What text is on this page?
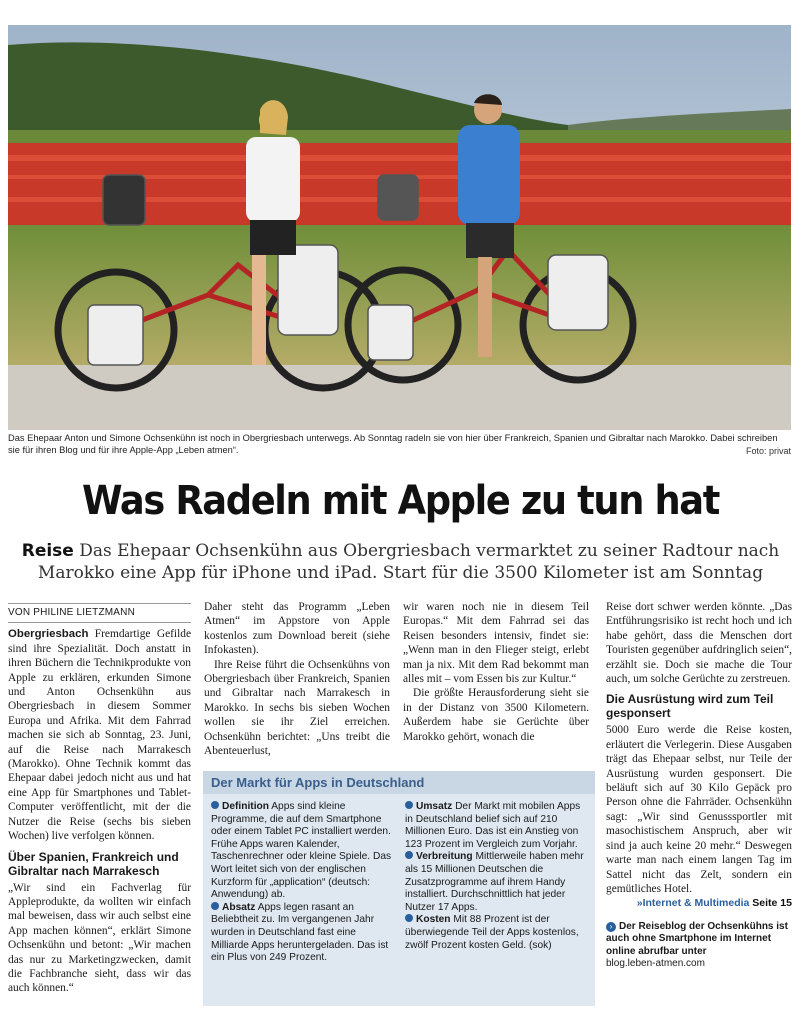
Das Ehepaar Anton und Simone Ochsenkühn ist noch in Obergriesbach unterwegs. Ab Sonntag radeln sie von hier über Frankreich, Spanien und Gibraltar nach Marokko. Dabei schreiben sie für ihren Blog und für ihre Apple-App „Leben atmen“.	Foto: privat
Was Radeln mit Apple zu tun hat
Reise Das Ehepaar Ochsenkühn aus Obergriesbach vermarktet zu seiner Radtour nach Marokko eine App für iPhone und iPad. Start für die 3500 Kilometer ist am Sonntag
VON PHILINE LIETZMANN

Obergriesbach Fremdartige Gefilde sind ihre Spezialität. Doch anstatt in ihren Büchern die Technikprodukte von Apple zu erklären, erkunden Simone und Anton Ochsenkühn aus Obergriesbach in diesem Sommer Europa und Afrika. Mit dem Fahrrad machen sie sich ab Sonntag, 23. Juni, auf die Reise nach Marrakesch (Marokko). Ohne Technik kommt das Ehepaar dabei jedoch nicht aus und hat eine App für Smartphones und Tablet-Computer veröffentlicht, mit der die Nutzer die Reise (sechs bis sieben Wochen) live verfolgen können.

Über Spanien, Frankreich und Gibraltar nach Marrakesch

„Wir sind ein Fachverlag für Appleprodukte, da wollten wir einfach mal beweisen, dass wir auch selbst eine App machen können“, erklärt Simone Ochsenkühn und betont: „Wir machen das nur zu Marketingzwecken, damit die Fachbranche sieht, dass wir das auch können.“

Daher steht das Programm „Leben Atmen“ im Appstore von Apple kostenlos zum Download bereit (siehe Infokasten).

Ihre Reise führt die Ochsenkühns von Obergriesbach über Frankreich, Spanien und Gibraltar nach Marrakesch in Marokko. In sechs bis sieben Wochen wollen sie ihr Ziel erreichen. Ochsenkühn berichtet: „Uns treibt die Abenteuerlust,

wir waren noch nie in diesem Teil Europas.“ Mit dem Fahrrad sei das Reisen besonders intensiv, findet sie: „Wenn man in den Flieger steigt, erlebt man ja nix. Mit dem Rad bekommt man alles mit – vom Essen bis zur Kultur.“

Die größte Herausforderung sieht sie in der Distanz von 3500 Kilometern. Außerdem habe sie Gerüchte über Marokko gehört, wonach die

Reise dort schwer werden könnte. „Das Entführungsrisiko ist recht hoch und ich habe gehört, dass die Menschen dort Touristen gegenüber aufdringlich seien“, erzählt sie. Doch sie mache die Tour auch, um solche Gerüchte zu zerstreuen.

Die Ausrüstung wird zum Teil gesponsert

5000 Euro werde die Reise kosten, erläutert die Verlegerin. Diese Ausgaben trägt das Ehepaar selbst, nur Teile der Ausrüstung wurden gesponsert. Die beläuft sich auf 30 Kilo Gepäck pro Person ohne die Fahrräder. Ochsenkühn sagt: „Wir sind Genusssportler mit masochistischem Anspruch, aber wir sind ja auch keine 20 mehr.“ Deswegen warte man nach einem langen Tag im Sattel nicht das Zelt, sondern ein gemütliches Hotel.

»Internet & Multimedia Seite 15
› Der Reiseblog der Ochsenkühns ist auch ohne Smartphone im Internet online abrufbar unter
blog.leben-atmen.com
Der Markt für Apps in Deutschland

Definition Apps sind kleine Programme, die auf dem Smartphone oder einem Tablet PC installiert werden. Frühe Apps waren Kalender, Taschenrechner oder kleine Spiele. Das Wort leitet sich von der englischen Kurzform für „application“ (deutsch: Anwendung) ab.

Absatz Apps legen rasant an Beliebtheit zu. Im vergangenen Jahr wurden in Deutschland fast eine Milliarde Apps heruntergeladen. Das ist ein Plus von 249 Prozent.

Umsatz Der Markt mit mobilen Apps in Deutschland belief sich auf 210 Millionen Euro. Das ist ein Anstieg von 123 Prozent im Vergleich zum Vorjahr.

Verbreitung Mittlerweile haben mehr als 15 Millionen Deutschen die Zusatzprogramme auf ihrem Handy installiert. Durchschnittlich hat jeder Nutzer 17 Apps.

Kosten Mit 88 Prozent ist der überwiegende Teil der Apps kostenlos, zwölf Prozent kosten Geld. (sok)
